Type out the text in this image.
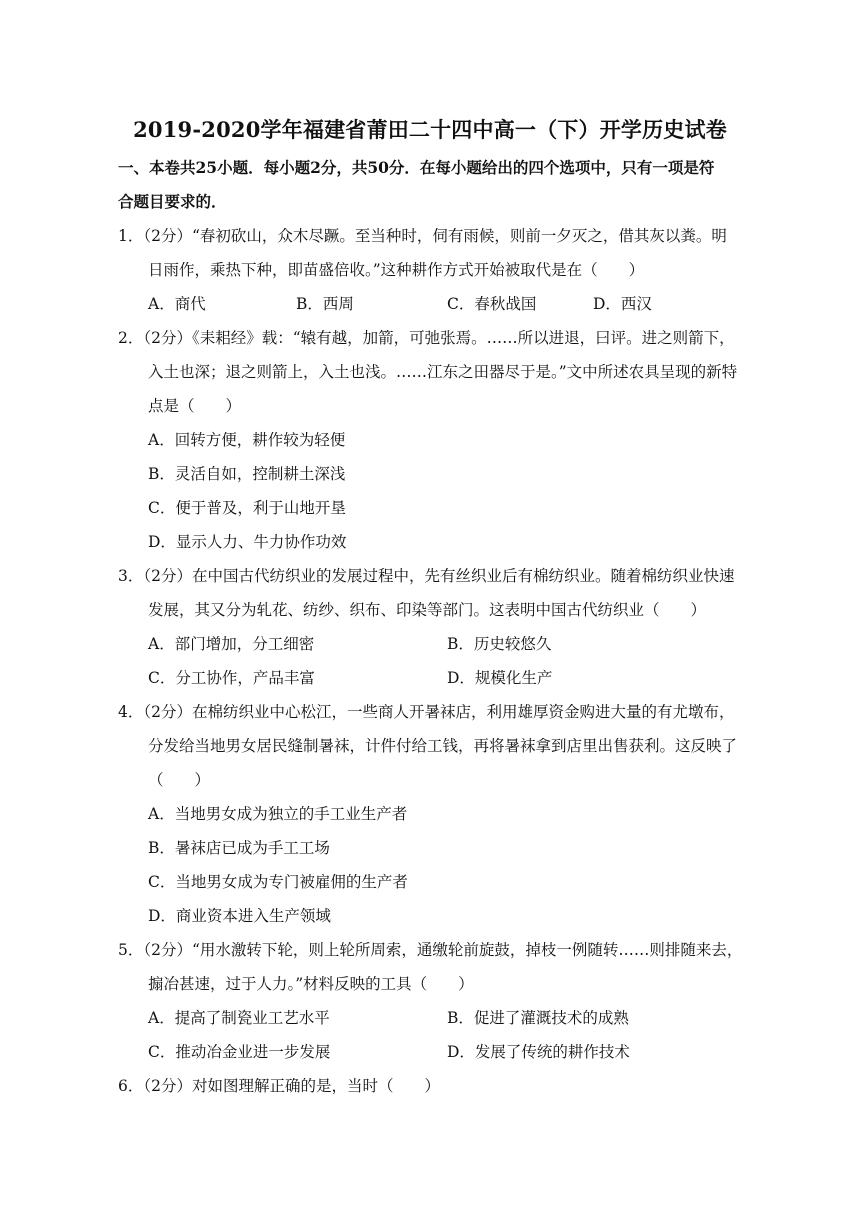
2019-2020学年福建省莆田二十四中高一（下）开学历史试卷
一、本卷共25小题．每小题2分，共50分．在每小题给出的四个选项中，只有一项是符
合题目要求的．
1．（2分）“春初砍山，众木尽蹶。至当种时，伺有雨候，则前一夕灭之，借其灰以粪。明
日雨作，乘热下种，即苗盛倍收。”这种耕作方式开始被取代是在（　　）
A．商代	B．西周	C．春秋战国	D．西汉
2．（2分）《耒耜经》载：“辕有越，加箭，可弛张焉。……所以进退，曰评。进之则箭下，
入土也深；退之则箭上，入土也浅。……江东之田器尽于是。”文中所述农具呈现的新特
点是（　　）
A．回转方便，耕作较为轻便
B．灵活自如，控制耕土深浅
C．便于普及，利于山地开垦
D．显示人力、牛力协作功效
3．（2分）在中国古代纺织业的发展过程中，先有丝织业后有棉纺织业。随着棉纺织业快速
发展，其又分为轧花、纺纱、织布、印染等部门。这表明中国古代纺织业（　　）
A．部门增加，分工细密	B．历史较悠久
C．分工协作，产品丰富	D．规模化生产
4．（2分）在棉纺织业中心松江，一些商人开暑袜店，利用雄厚资金购进大量的有尤墩布，
分发给当地男女居民缝制暑袜，计件付给工钱，再将暑袜拿到店里出售获利。这反映了
（　　）
A．当地男女成为独立的手工业生产者
B．暑袜店已成为手工工场
C．当地男女成为专门被雇佣的生产者
D．商业资本进入生产领域
5．（2分）“用水激转下轮，则上轮所周索，通缴轮前旋鼓，掉枝一例随转……则排随来去，
搧冶甚速，过于人力。”材料反映的工具（　　）
A．提高了制瓷业工艺水平	B．促进了灌溉技术的成熟
C．推动冶金业进一步发展	D．发展了传统的耕作技术
6．（2分）对如图理解正确的是，当时（　　）
